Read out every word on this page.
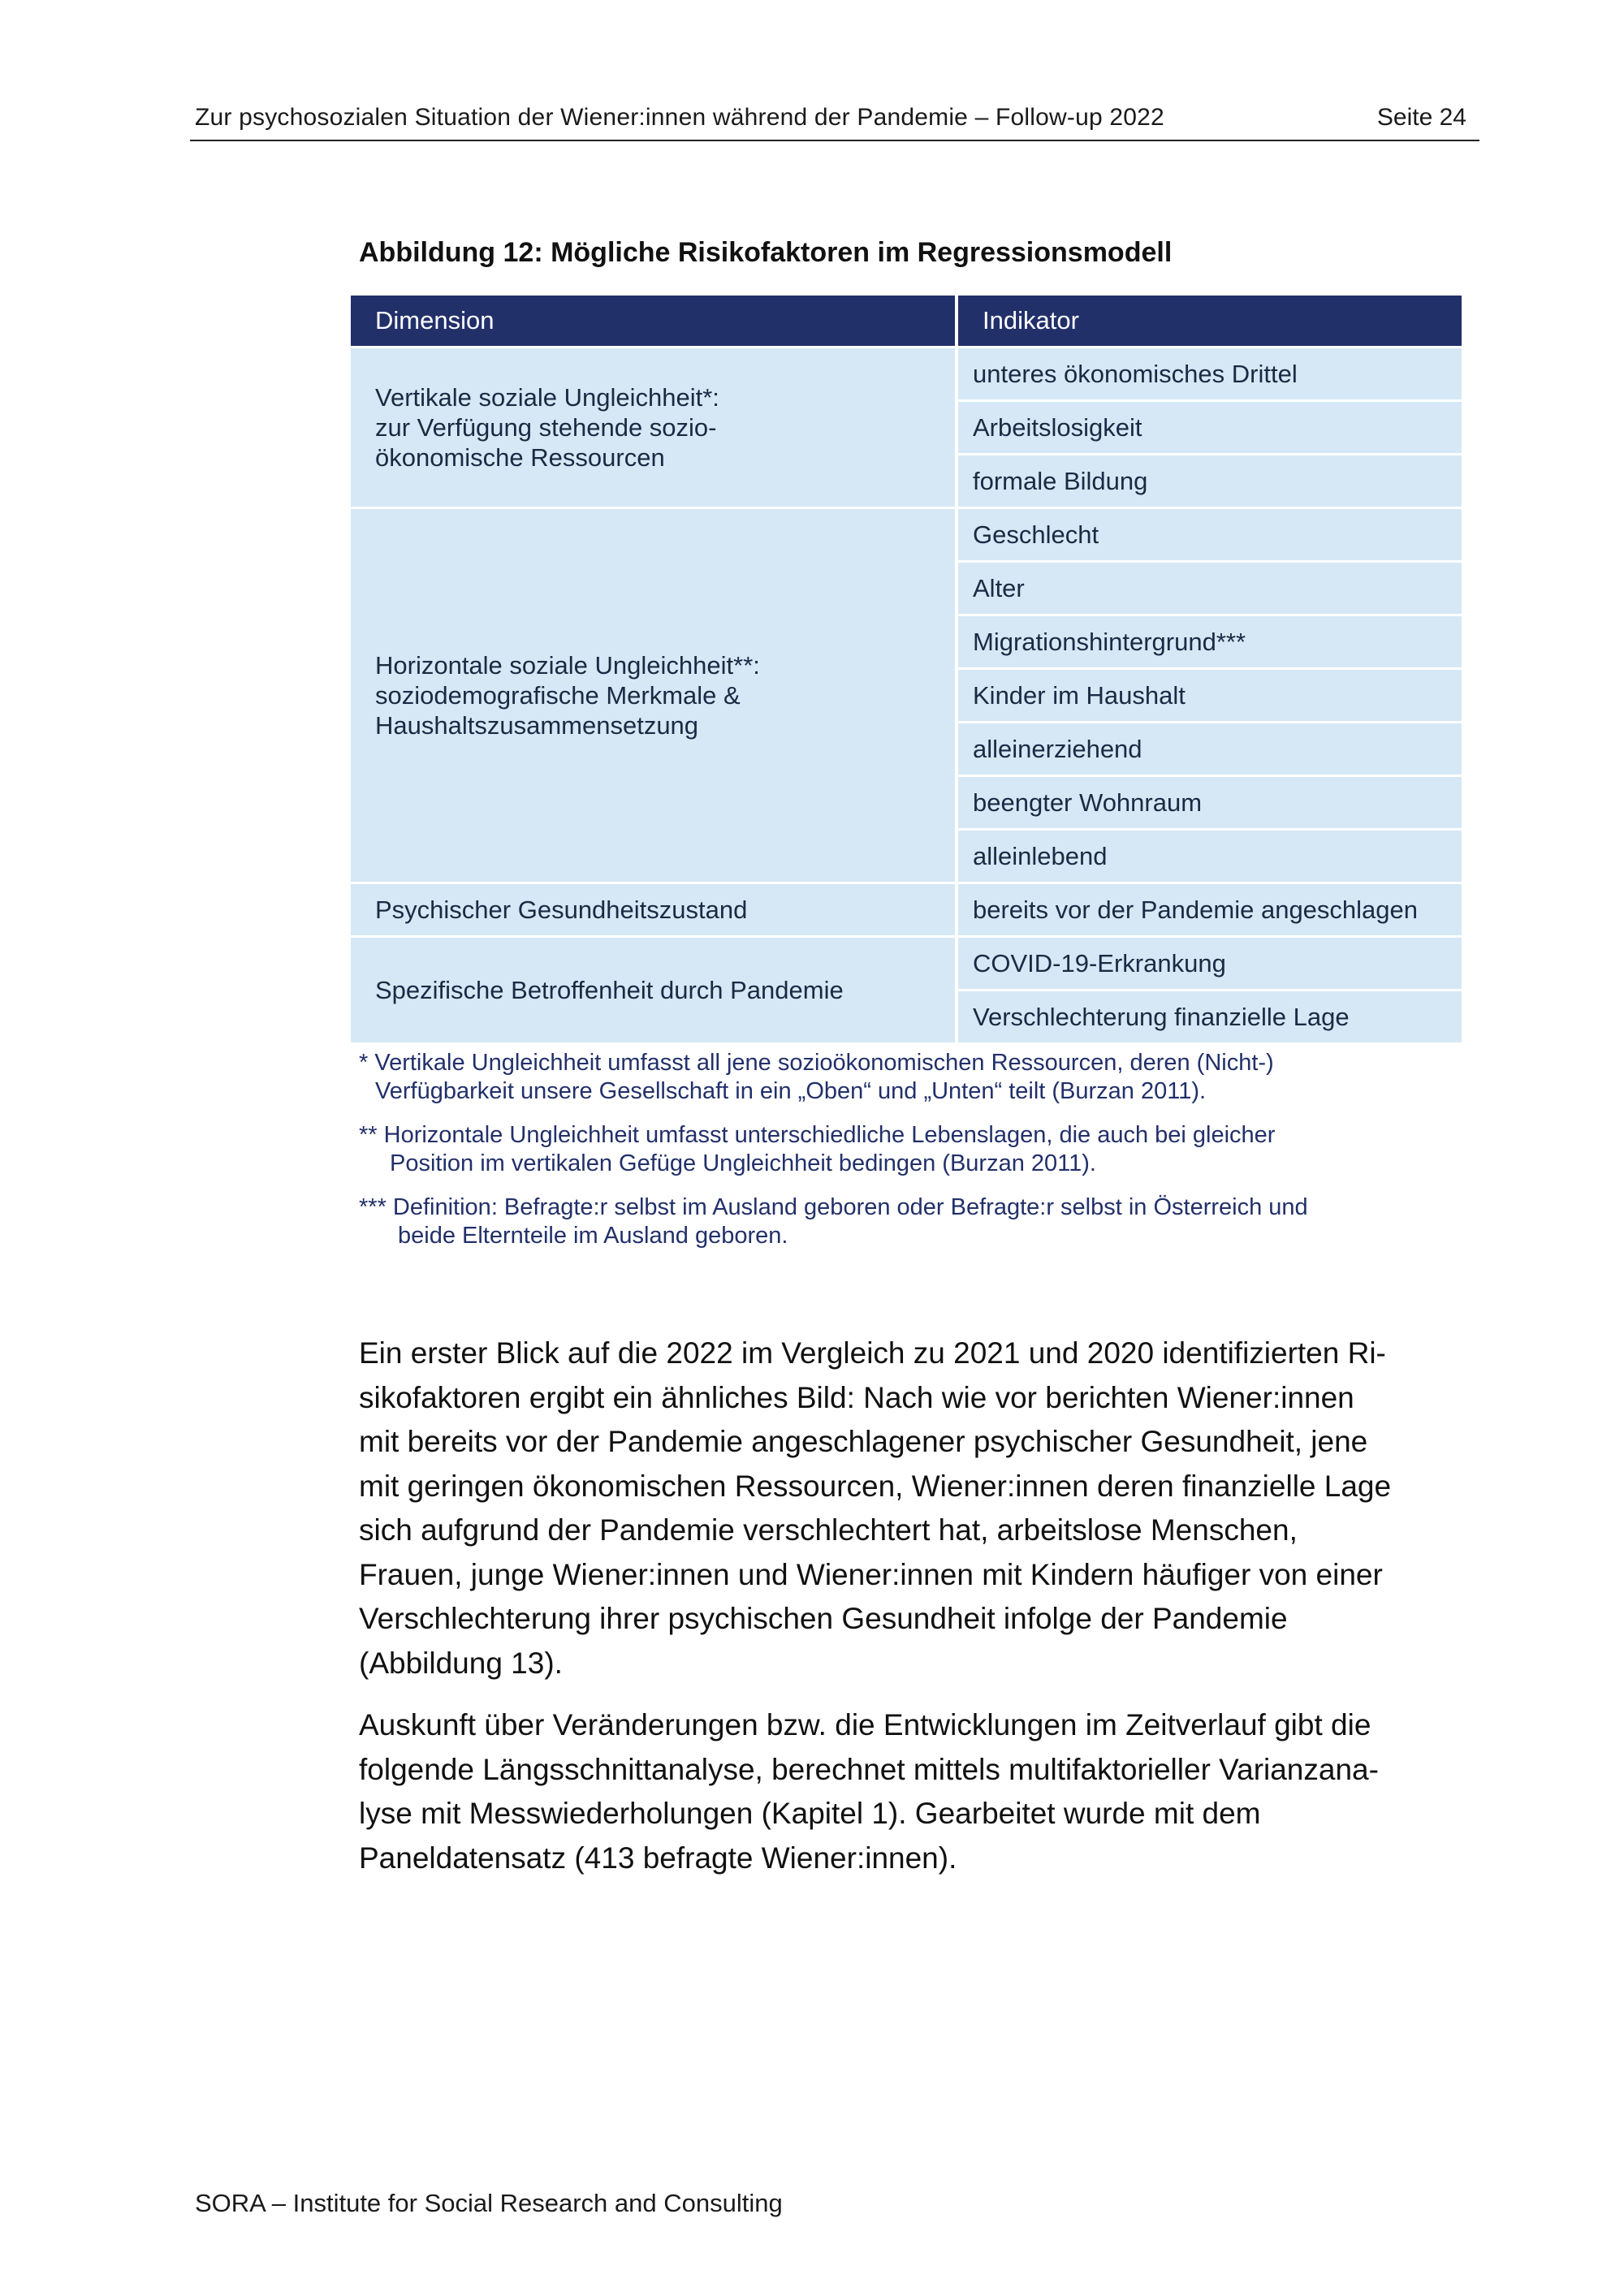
Zur psychosozialen Situation der Wiener:innen während der Pandemie – Follow-up 2022	Seite 24
Abbildung 12: Mögliche Risikofaktoren im Regressionsmodell
Dimension	Indikator

Vertikale soziale Ungleichheit*:
zur Verfügung stehende sozio-
ökonomische Ressourcen	unteres ökonomisches Drittel
	Arbeitslosigkeit
	formale Bildung

Horizontale soziale Ungleichheit**:
soziodemografische Merkmale &
Haushaltszusammensetzung	Geschlecht
	Alter
	Migrationshintergrund***
	Kinder im Haushalt
	alleinerziehend
	beengter Wohnraum
	alleinlebend

Psychischer Gesundheitszustand	bereits vor der Pandemie angeschlagen

Spezifische Betroffenheit durch Pandemie	COVID-19-Erkrankung
	Verschlechterung finanzielle Lage
* Vertikale Ungleichheit umfasst all jene sozioökonomischen Ressourcen, deren (Nicht-)
Verfügbarkeit unsere Gesellschaft in ein „Oben“ und „Unten“ teilt (Burzan 2011).
** Horizontale Ungleichheit umfasst unterschiedliche Lebenslagen, die auch bei gleicher
Position im vertikalen Gefüge Ungleichheit bedingen (Burzan 2011).
*** Definition: Befragte:r selbst im Ausland geboren oder Befragte:r selbst in Österreich und
beide Elternteile im Ausland geboren.

Ein erster Blick auf die 2022 im Vergleich zu 2021 und 2020 identifizierten Ri-
sikofaktoren ergibt ein ähnliches Bild: Nach wie vor berichten Wiener:innen
mit bereits vor der Pandemie angeschlagener psychischer Gesundheit, jene
mit geringen ökonomischen Ressourcen, Wiener:innen deren finanzielle Lage
sich aufgrund der Pandemie verschlechtert hat, arbeitslose Menschen,
Frauen, junge Wiener:innen und Wiener:innen mit Kindern häufiger von einer
Verschlechterung ihrer psychischen Gesundheit infolge der Pandemie
(Abbildung 13).

Auskunft über Veränderungen bzw. die Entwicklungen im Zeitverlauf gibt die
folgende Längsschnittanalyse, berechnet mittels multifaktorieller Varianzana-
lyse mit Messwiederholungen (Kapitel 1). Gearbeitet wurde mit dem
Paneldatensatz (413 befragte Wiener:innen).

SORA – Institute for Social Research and Consulting
